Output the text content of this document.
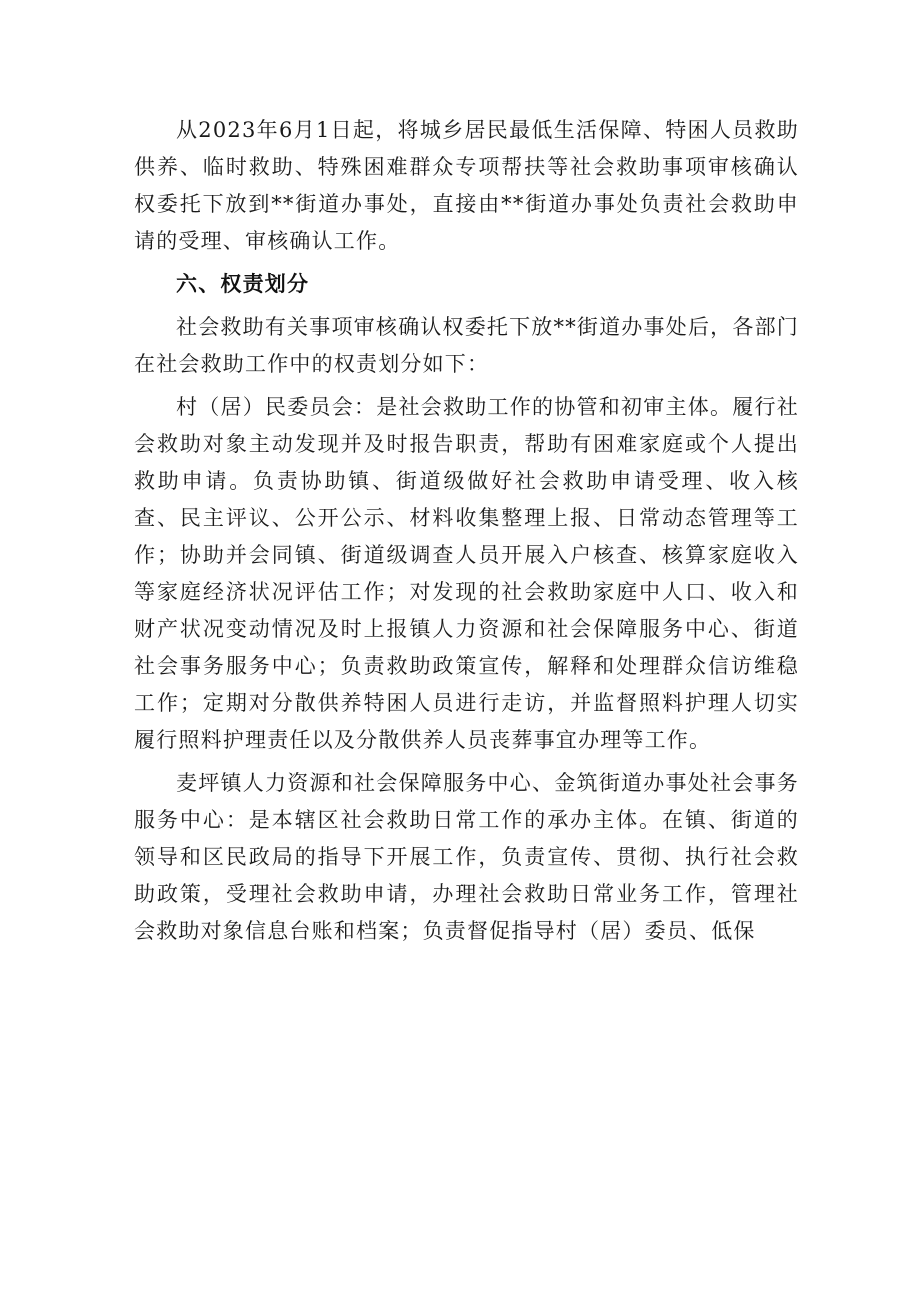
从2023年6月1日起，将城乡居民最低生活保障、特困人员救助供养、临时救助、特殊困难群众专项帮扶等社会救助事项审核确认权委托下放到**街道办事处，直接由**街道办事处负责社会救助申请的受理、审核确认工作。

六、权责划分

社会救助有关事项审核确认权委托下放**街道办事处后，各部门在社会救助工作中的权责划分如下：

村（居）民委员会：是社会救助工作的协管和初审主体。履行社会救助对象主动发现并及时报告职责，帮助有困难家庭或个人提出救助申请。负责协助镇、街道级做好社会救助申请受理、收入核查、民主评议、公开公示、材料收集整理上报、日常动态管理等工作；协助并会同镇、街道级调查人员开展入户核查、核算家庭收入等家庭经济状况评估工作；对发现的社会救助家庭中人口、收入和财产状况变动情况及时上报镇人力资源和社会保障服务中心、街道社会事务服务中心；负责救助政策宣传，解释和处理群众信访维稳工作；定期对分散供养特困人员进行走访，并监督照料护理人切实履行照料护理责任以及分散供养人员丧葬事宜办理等工作。

麦坪镇人力资源和社会保障服务中心、金筑街道办事处社会事务服务中心：是本辖区社会救助日常工作的承办主体。在镇、街道的领导和区民政局的指导下开展工作，负责宣传、贯彻、执行社会救助政策，受理社会救助申请，办理社会救助日常业务工作，管理社会救助对象信息台账和档案；负责督促指导村（居）委员、低保
